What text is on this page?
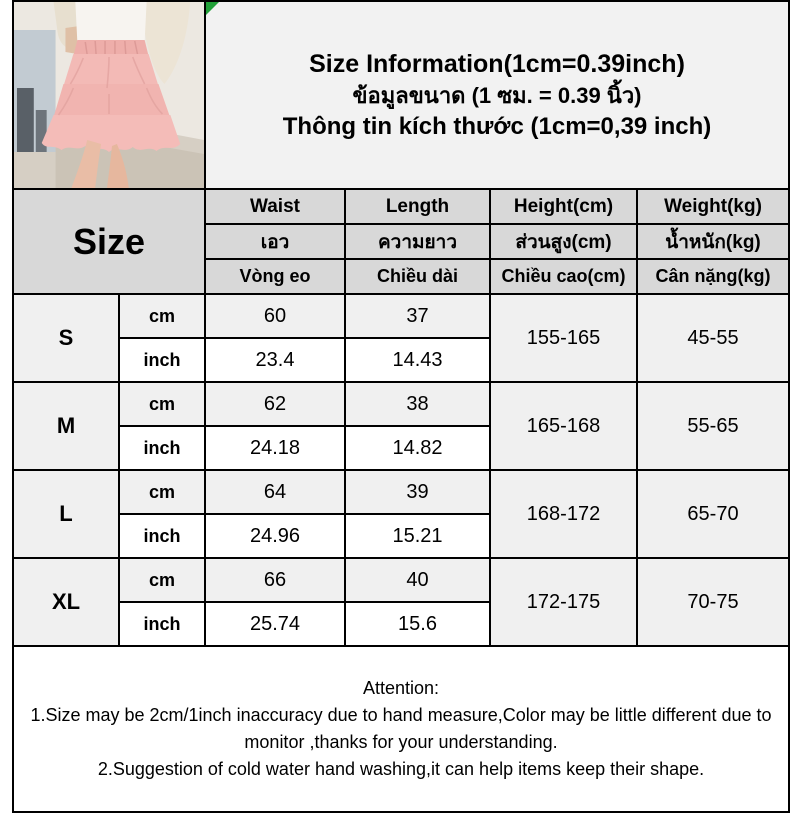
Size Information(1cm=0.39inch)
ข้อมูลขนาด (1 ซม. = 0.39 นิ้ว)
Thông tin kích thước (1cm=0,39 inch)			

Size		Waist	Length	Height(cm)	Weight(kg)
		เอว	ความยาว	ส่วนสูง(cm)	น้ำหนัก(kg)
		Vòng eo	Chiều dài	Chiều cao(cm)	Cân nặng(kg)
S	cm	60	37	155-165	45-55
	inch	23.4	14.43		
M	cm	62	38	165-168	55-65
	inch	24.18	14.82		
L	cm	64	39	168-172	65-70
	inch	24.96	15.21		
XL	cm	66	40	172-175	70-75
	inch	25.74	15.6		

Attention:

1.Size may be 2cm/1inch inaccuracy due to hand measure,Color may be little different due to monitor ,thanks for your understanding.

2.Suggestion of cold water hand washing,it can help items keep their shape.					
